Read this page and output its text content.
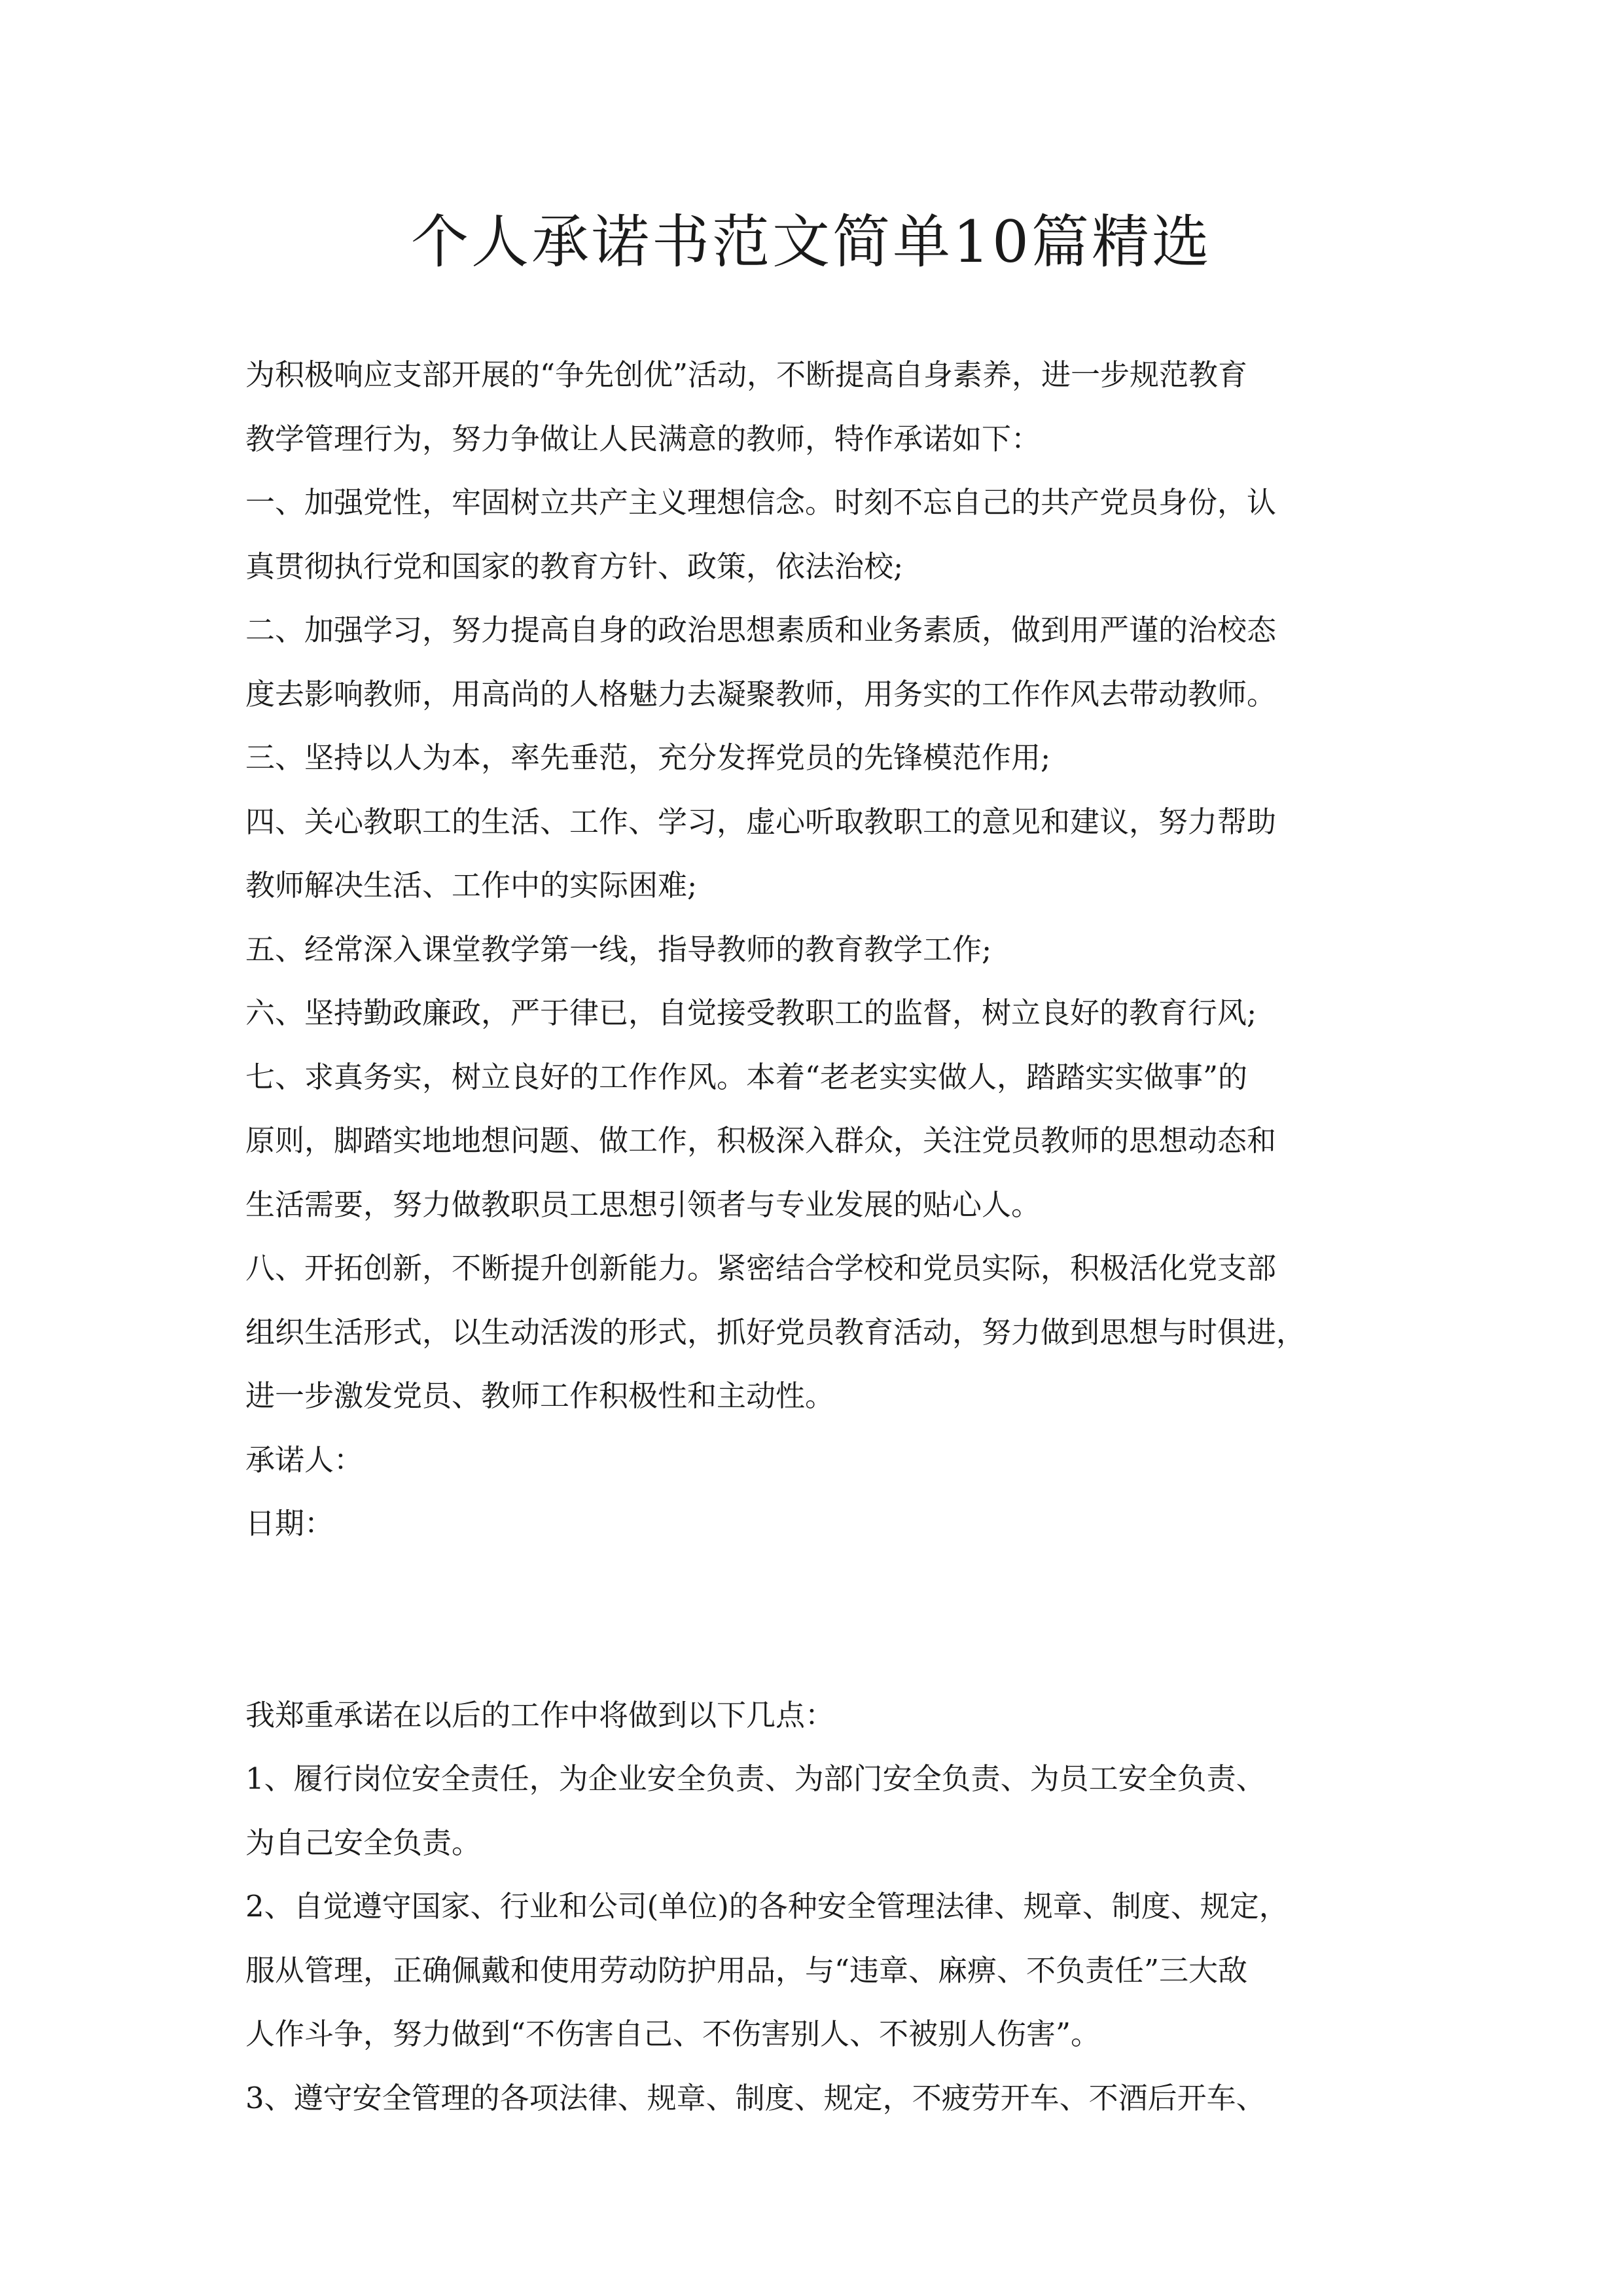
个人承诺书范文简单10篇精选

为积极响应支部开展的“争先创优”活动，不断提高自身素养，进一步规范教育

教学管理行为，努力争做让人民满意的教师，特作承诺如下：

一、加强党性，牢固树立共产主义理想信念。时刻不忘自己的共产党员身份，认

真贯彻执行党和国家的教育方针、政策，依法治校;

二、加强学习，努力提高自身的政治思想素质和业务素质，做到用严谨的治校态

度去影响教师，用高尚的人格魅力去凝聚教师，用务实的工作作风去带动教师。

三、坚持以人为本，率先垂范，充分发挥党员的先锋模范作用;

四、关心教职工的生活、工作、学习，虚心听取教职工的意见和建议，努力帮助

教师解决生活、工作中的实际困难;

五、经常深入课堂教学第一线，指导教师的教育教学工作;

六、坚持勤政廉政，严于律已，自觉接受教职工的监督，树立良好的教育行风;

七、求真务实，树立良好的工作作风。本着“老老实实做人，踏踏实实做事”的

原则，脚踏实地地想问题、做工作，积极深入群众，关注党员教师的思想动态和

生活需要，努力做教职员工思想引领者与专业发展的贴心人。

八、开拓创新，不断提升创新能力。紧密结合学校和党员实际，积极活化党支部

组织生活形式，以生动活泼的形式，抓好党员教育活动，努力做到思想与时俱进，

进一步激发党员、教师工作积极性和主动性。

承诺人：

日期：

我郑重承诺在以后的工作中将做到以下几点：

1、履行岗位安全责任，为企业安全负责、为部门安全负责、为员工安全负责、

为自己安全负责。

2、自觉遵守国家、行业和公司(单位)的各种安全管理法律、规章、制度、规定，

服从管理，正确佩戴和使用劳动防护用品，与“违章、麻痹、不负责任”三大敌

人作斗争，努力做到“不伤害自己、不伤害别人、不被别人伤害”。

3、遵守安全管理的各项法律、规章、制度、规定，不疲劳开车、不酒后开车、
